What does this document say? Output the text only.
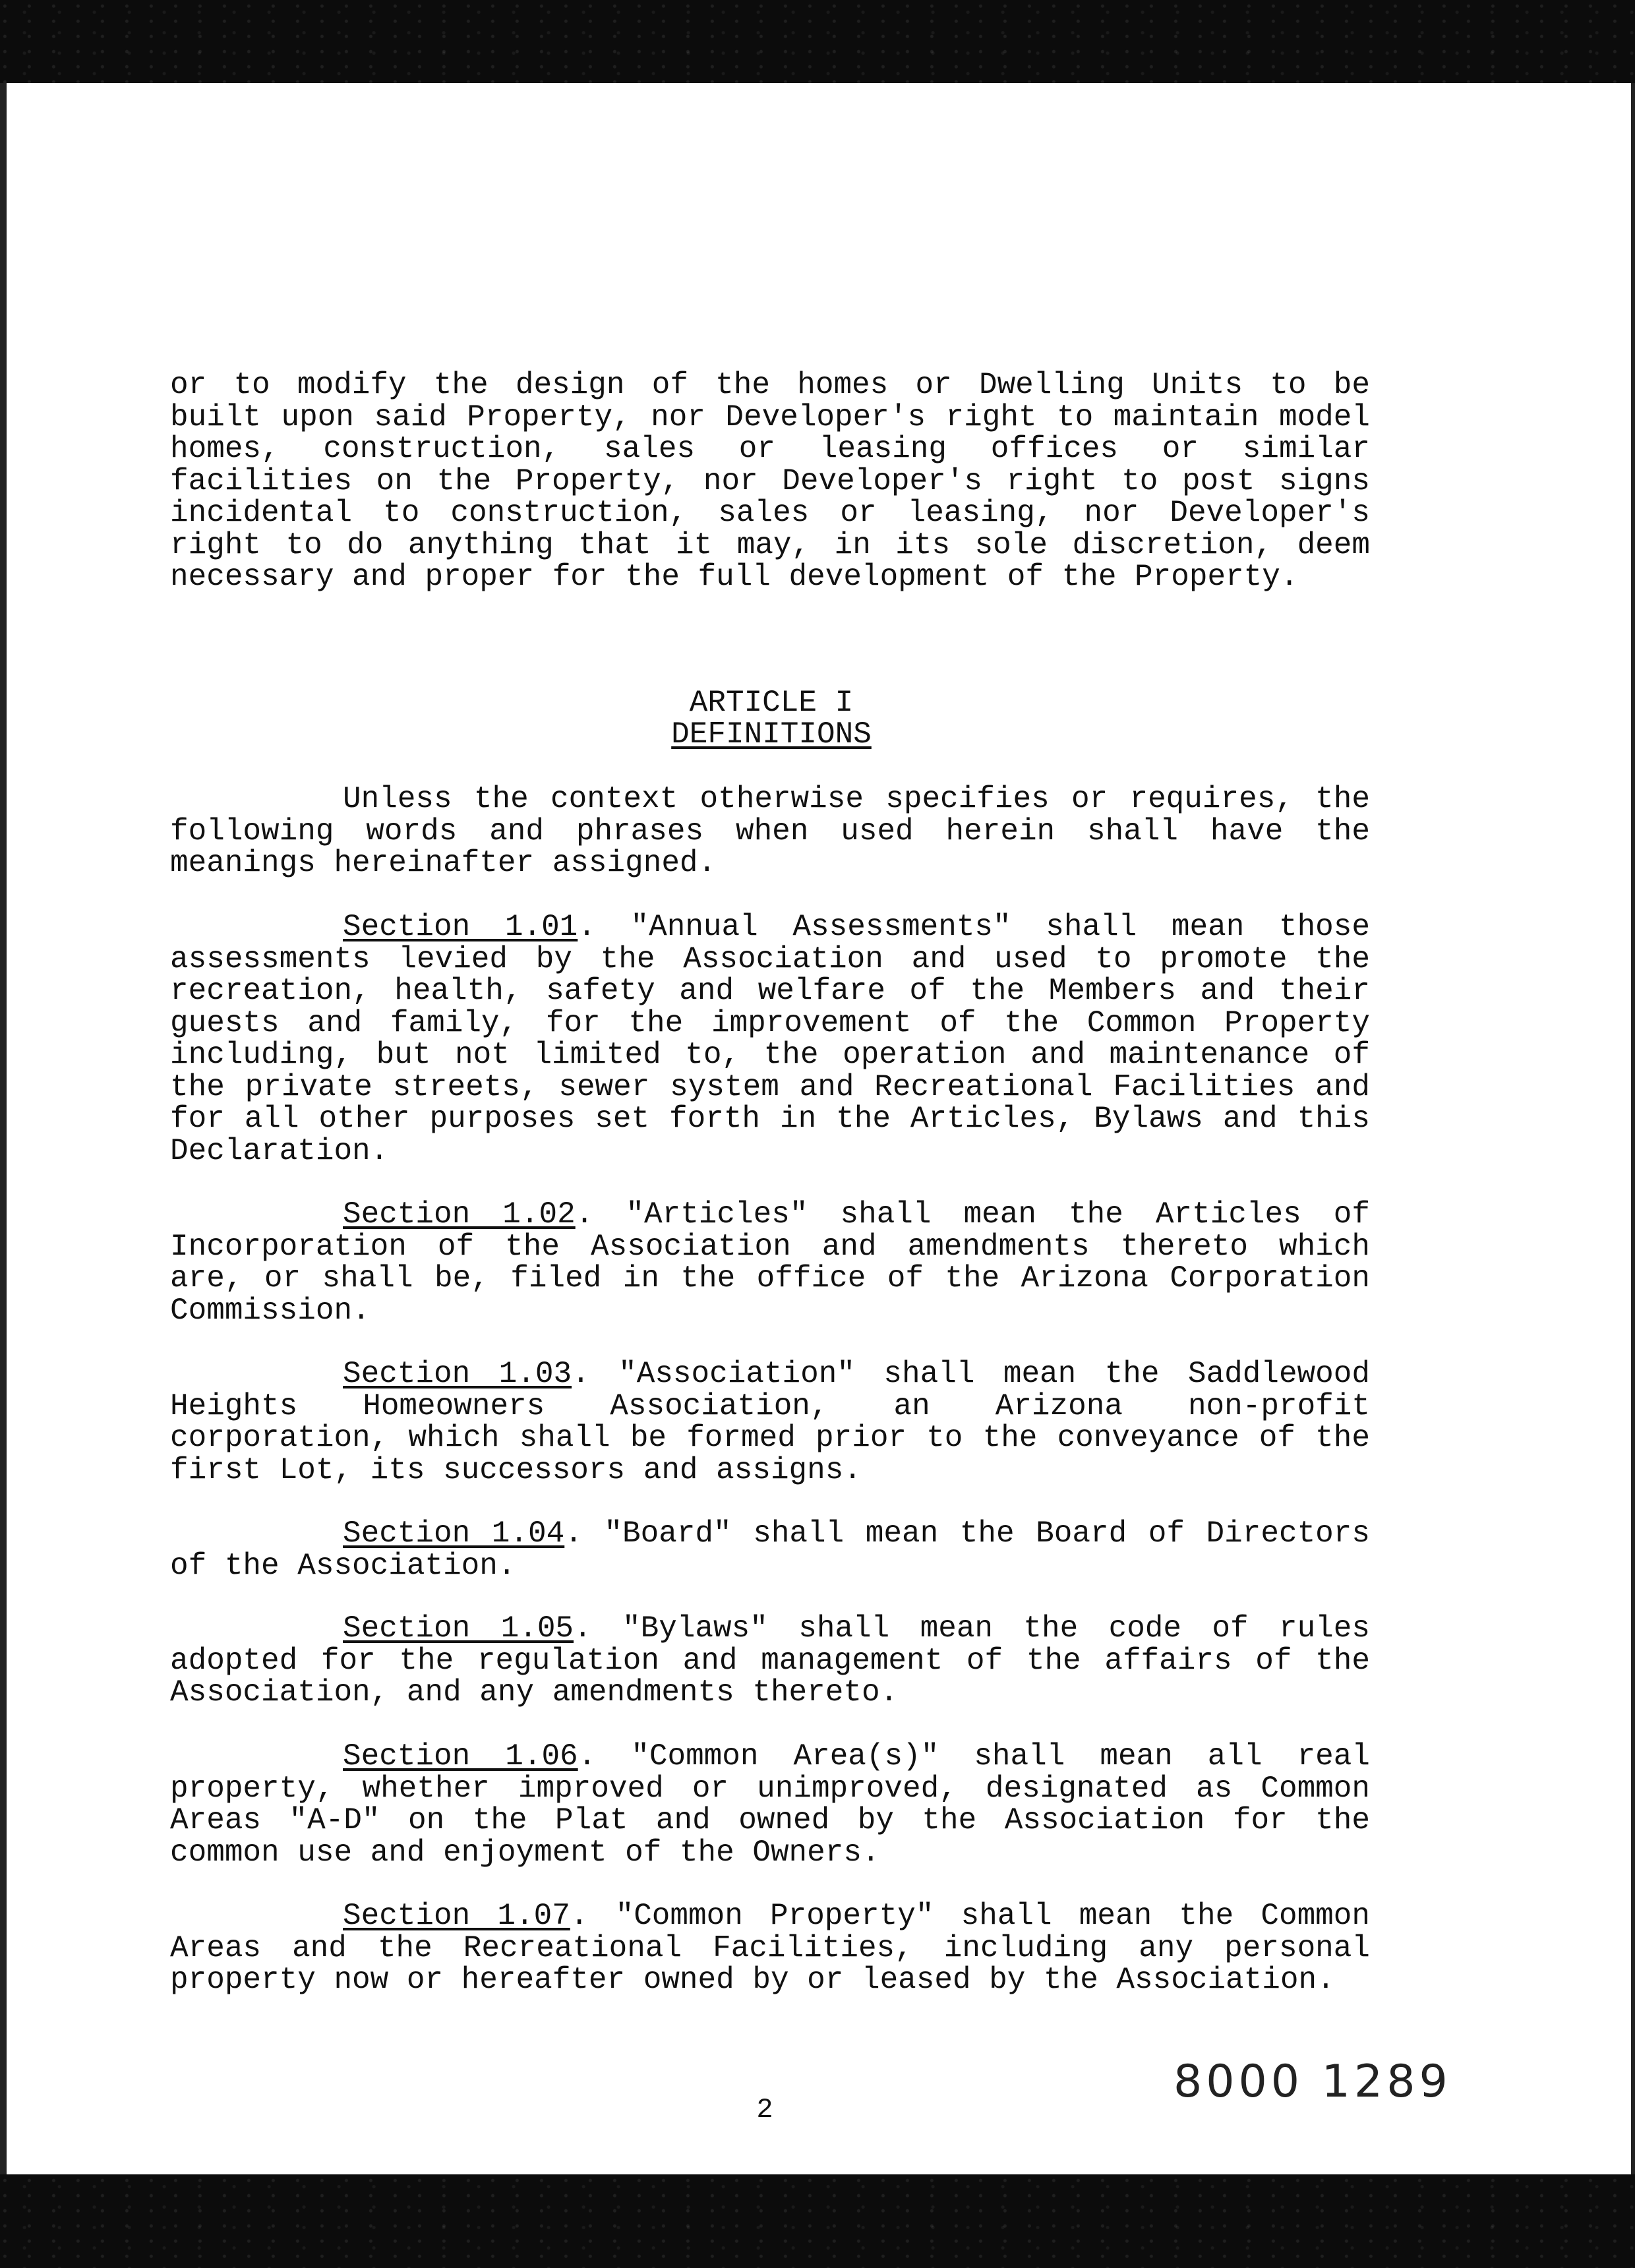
or to modify the design of the homes or Dwelling Units to be built upon said Property, nor Developer's right to maintain model homes, construction, sales or leasing offices or similar facilities on the Property, nor Developer's right to post signs incidental to construction, sales or leasing, nor Developer's right to do anything that it may, in its sole discretion, deem necessary and proper for the full development of the Property.

ARTICLE I
DEFINITIONS

Unless the context otherwise specifies or requires, the following words and phrases when used herein shall have the meanings hereinafter assigned.

Section 1.01. "Annual Assessments" shall mean those assessments levied by the Association and used to promote the recreation, health, safety and welfare of the Members and their guests and family, for the improvement of the Common Property including, but not limited to, the operation and maintenance of the private streets, sewer system and Recreational Facilities and for all other purposes set forth in the Articles, Bylaws and this Declaration.

Section 1.02. "Articles" shall mean the Articles of Incorporation of the Association and amendments thereto which are, or shall be, filed in the office of the Arizona Corporation Commission.

Section 1.03. "Association" shall mean the Saddlewood Heights Homeowners Association, an Arizona non-profit corporation, which shall be formed prior to the conveyance of the first Lot, its successors and assigns.

Section 1.04. "Board" shall mean the Board of Directors of the Association.

Section 1.05. "Bylaws" shall mean the code of rules adopted for the regulation and management of the affairs of the Association, and any amendments thereto.

Section 1.06. "Common Area(s)" shall mean all real property, whether improved or unimproved, designated as Common Areas "A-D" on the Plat and owned by the Association for the common use and enjoyment of the Owners.

Section 1.07. "Common Property" shall mean the Common Areas and the Recreational Facilities, including any personal property now or hereafter owned by or leased by the Association.

8000 1289
2
